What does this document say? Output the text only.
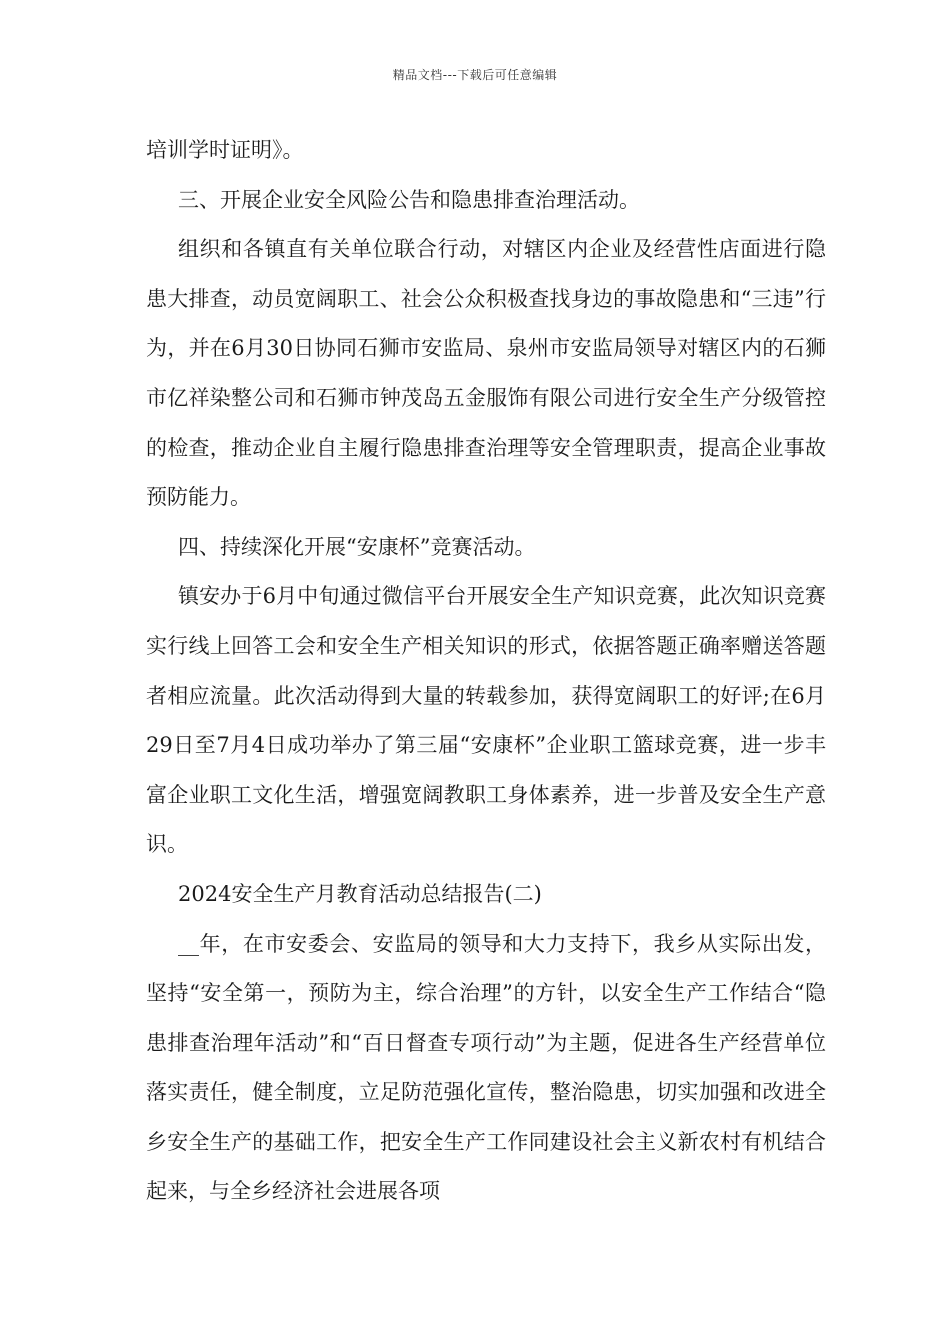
精品文档---下载后可任意编辑

培训学时证明》。

三、开展企业安全风险公告和隐患排查治理活动。

组织和各镇直有关单位联合行动，对辖区内企业及经营性店面进行隐患大排查，动员宽阔职工、社会公众积极查找身边的事故隐患和“三违”行为，并在6月30日协同石狮市安监局、泉州市安监局领导对辖区内的石狮市亿祥染整公司和石狮市钟茂岛五金服饰有限公司进行安全生产分级管控的检查，推动企业自主履行隐患排查治理等安全管理职责，提高企业事故预防能力。

四、持续深化开展“安康杯”竞赛活动。

镇安办于6月中旬通过微信平台开展安全生产知识竞赛，此次知识竞赛实行线上回答工会和安全生产相关知识的形式，依据答题正确率赠送答题者相应流量。此次活动得到大量的转载参加，获得宽阔职工的好评;在6月29日至7月4日成功举办了第三届“安康杯”企业职工篮球竞赛，进一步丰富企业职工文化生活，增强宽阔教职工身体素养，进一步普及安全生产意识。

2024安全生产月教育活动总结报告(二)

__年，在市安委会、安监局的领导和大力支持下，我乡从实际出发，坚持“安全第一，预防为主，综合治理”的方针，以安全生产工作结合“隐患排查治理年活动”和“百日督查专项行动”为主题，促进各生产经营单位落实责任，健全制度，立足防范强化宣传，整治隐患，切实加强和改进全乡安全生产的基础工作，把安全生产工作同建设社会主义新农村有机结合起来，与全乡经济社会进展各项
